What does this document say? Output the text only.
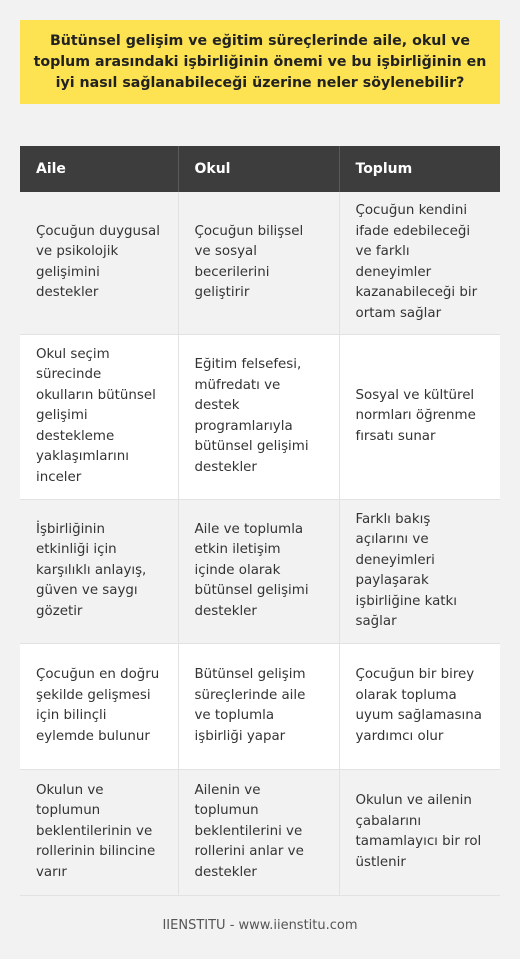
Bütünsel gelişim ve eğitim süreçlerinde aile, okul ve toplum arasındaki işbirliğinin önemi ve bu işbirliğinin en iyi nasıl sağlanabileceği üzerine neler söylenebilir?
Aile	Okul	Toplum
Çocuğun duygusal ve psikolojik gelişimini destekler	Çocuğun bilişsel ve sosyal becerilerini geliştirir	Çocuğun kendini ifade edebileceği ve farklı deneyimler kazanabileceği bir ortam sağlar
Okul seçim sürecinde okulların bütünsel gelişimi destekleme yaklaşımlarını inceler	Eğitim felsefesi, müfredatı ve destek programlarıyla bütünsel gelişimi destekler	Sosyal ve kültürel normları öğrenme fırsatı sunar
İşbirliğinin etkinliği için karşılıklı anlayış, güven ve saygı gözetir	Aile ve toplumla etkin iletişim içinde olarak bütünsel gelişimi destekler	Farklı bakış açılarını ve deneyimleri paylaşarak işbirliğine katkı sağlar
Çocuğun en doğru şekilde gelişmesi için bilinçli eylemde bulunur	Bütünsel gelişim süreçlerinde aile ve toplumla işbirliği yapar	Çocuğun bir birey olarak topluma uyum sağlamasına yardımcı olur
Okulun ve toplumun beklentilerinin ve rollerinin bilincine varır	Ailenin ve toplumun beklentilerini ve rollerini anlar ve destekler	Okulun ve ailenin çabalarını tamamlayıcı bir rol üstlenir
IIENSTITU - www.iienstitu.com
